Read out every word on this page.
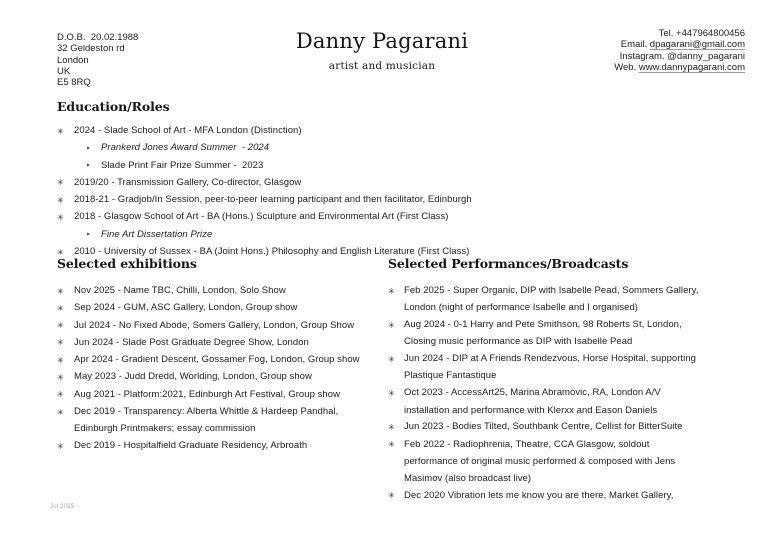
D.O.B.  20.02.1988
32 Geldeston rd
London
UK
E5 8RQ
Danny Pagarani
artist and musician
Tel. +447964800456
Email. dpagarani@gmail.com
Instagram. @danny_pagarani
Web. www.dannypagarani.com
Education/Roles
✳	2024 - Slade School of Art - MFA London (Distinction)
‣	Prankerd Jones Award Summer  - 2024
‣	Slade Print Fair Prize Summer -  2023
✳	2019/20 - Transmission Gallery, Co-director, Glasgow
✳	2018-21 - Gradjob/In Session, peer-to-peer learning participant and then facilitator, Edinburgh
✳	2018 - Glasgow School of Art - BA (Hons.) Sculpture and Environmental Art (First Class)
‣	Fine Art Dissertation Prize
✳	2010 - University of Sussex - BA (Joint Hons.) Philosophy and English Literature (First Class)
Selected exhibitions
✳	Nov 2025 - Name TBC, Chilli, London, Solo Show
✳	Sep 2024 - GUM, ASC Gallery, London, Group show
✳	Jul 2024 - No Fixed Abode, Somers Gallery, London, Group Show
✳	Jun 2024 - Slade Post Graduate Degree Show, London
✳	Apr 2024 - Gradient Descent, Gossamer Fog, London, Group show
✳	May 2023 - Judd Dredd, Worlding, London, Group show
✳	Aug 2021 - Platform:2021, Edinburgh Art Festival, Group show
✳	Dec 2019 - Transparency: Alberta Whittle & Hardeep Pandhal,
Edinburgh Printmakers; essay commission
✳	Dec 2019 - Hospitalfield Graduate Residency, Arbroath
Selected Performances/Broadcasts
✳ Feb 2025 - Super Organic, DIP with Isabelle Pead, Sommers Gallery,
London (night of performance Isabelle and I organised)
✳ Aug 2024 - 0-1 Harry and Pete Smithson, 98 Roberts St, London,
Closing music performance as DIP with Isabelle Pead
✳ Jun 2024 - DIP at A Friends Rendezvous, Horse Hospital, supporting
Plastique Fantastique
✳ Oct 2023 - AccessArt25, Marina Abramovic, RA, London A/V
installation and performance with Klerxx and Eason Daniels
✳ Jun 2023 - Bodies Tilted, Southbank Centre, Cellist for BitterSuite
✳ Feb 2022 - Radiophrenia, Theatre, CCA Glasgow, soldout
performance of original music performed & composed with Jens
Masimov (also broadcast live)
✳ Dec 2020 Vibration lets me know you are there, Market Gallery,
Jul 2025
